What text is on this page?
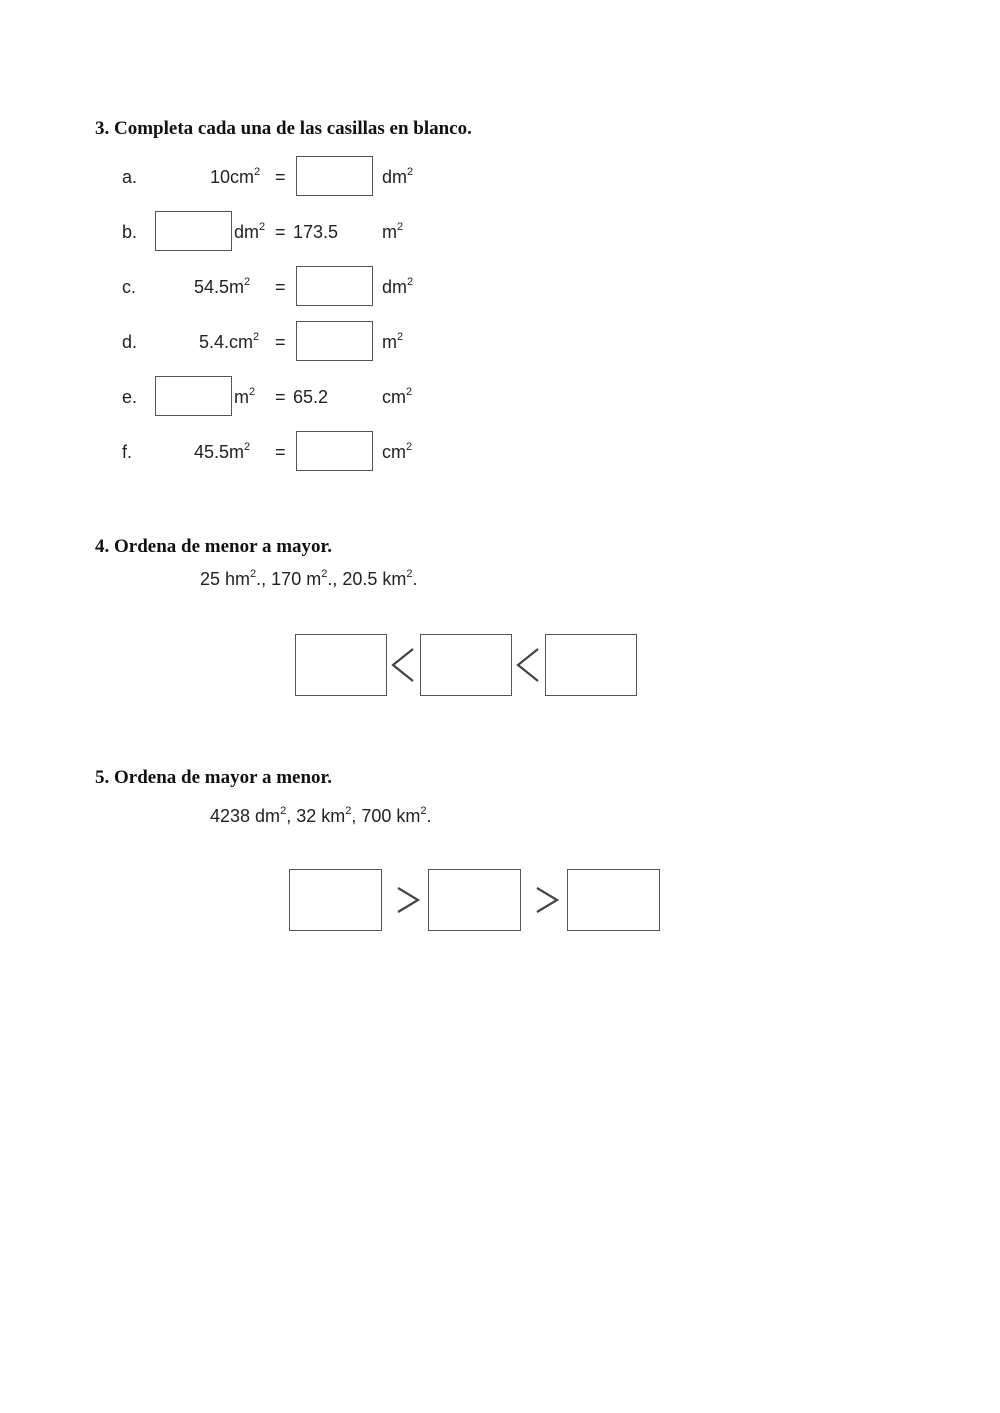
3. Completa cada una de las casillas en blanco.
a.	$10cm^2$ =	$dm^2$
b.	$dm^2 = 173.5$ $m^2$
c.	$54.5m^2$ =	$dm^2$
d.	$5.4.cm^2$ =	$m^2$
e.	$m^2 = 65.2$	$cm^2$
f.	$45.5m^2$ =	$cm^2$
4. Ordena de menor a mayor.
25 $hm^2$., 170 $m^2$., 20.5 $km^2$.
5. Ordena de mayor a menor.
4238 $dm^2$, 32 $km^2$, 700 $km^2$.
